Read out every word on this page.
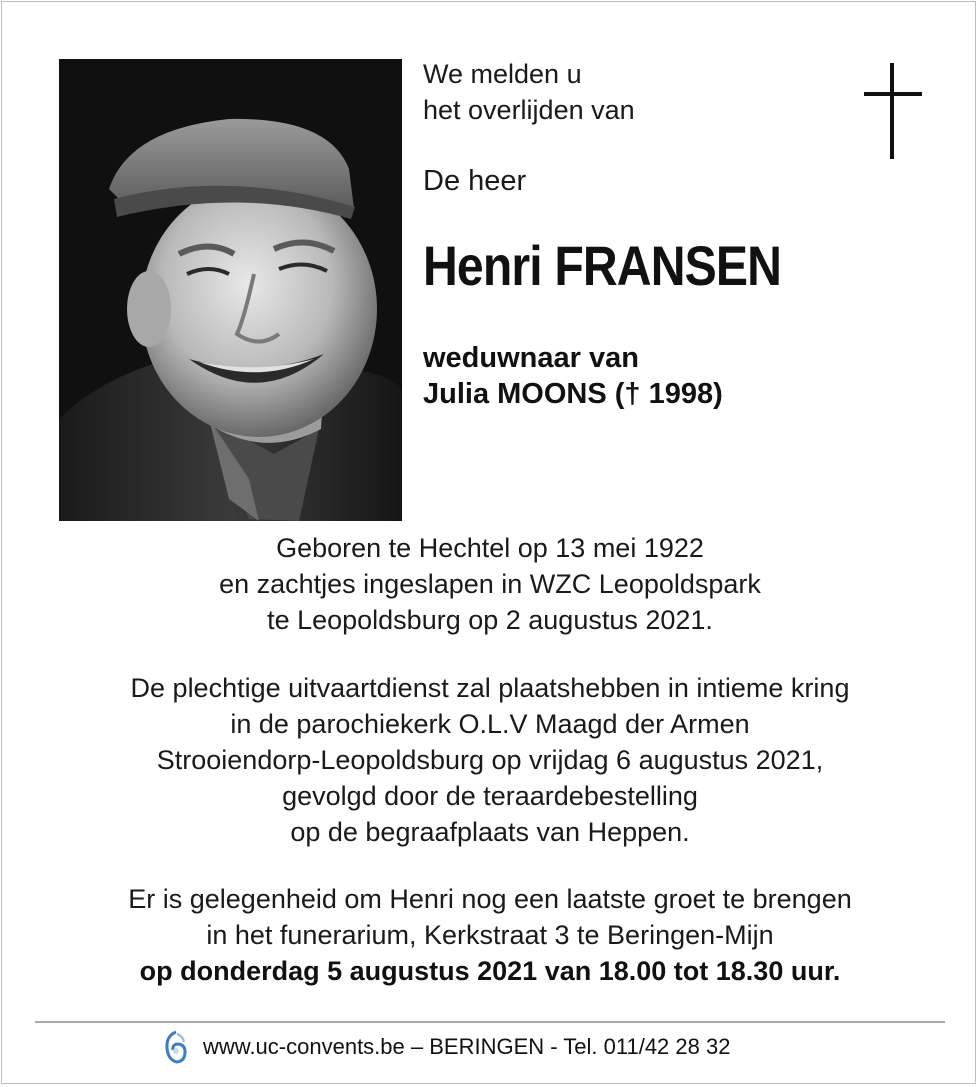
We melden u
het overlijden van
De heer
Henri FRANSEN
weduwnaar van
Julia MOONS († 1998)
Geboren te Hechtel op 13 mei 1922
en zachtjes ingeslapen in WZC Leopoldspark
te Leopoldsburg op 2 augustus 2021.
De plechtige uitvaartdienst zal plaatshebben in intieme kring
in de parochiekerk O.L.V Maagd der Armen
Strooiendorp-Leopoldsburg op vrijdag 6 augustus 2021,
gevolgd door de teraardebestelling
op de begraafplaats van Heppen.
Er is gelegenheid om Henri nog een laatste groet te brengen
in het funerarium, Kerkstraat 3 te Beringen-Mijn
op donderdag 5 augustus 2021 van 18.00 tot 18.30 uur.
www.uc-convents.be – BERINGEN - Tel. 011/42 28 32
